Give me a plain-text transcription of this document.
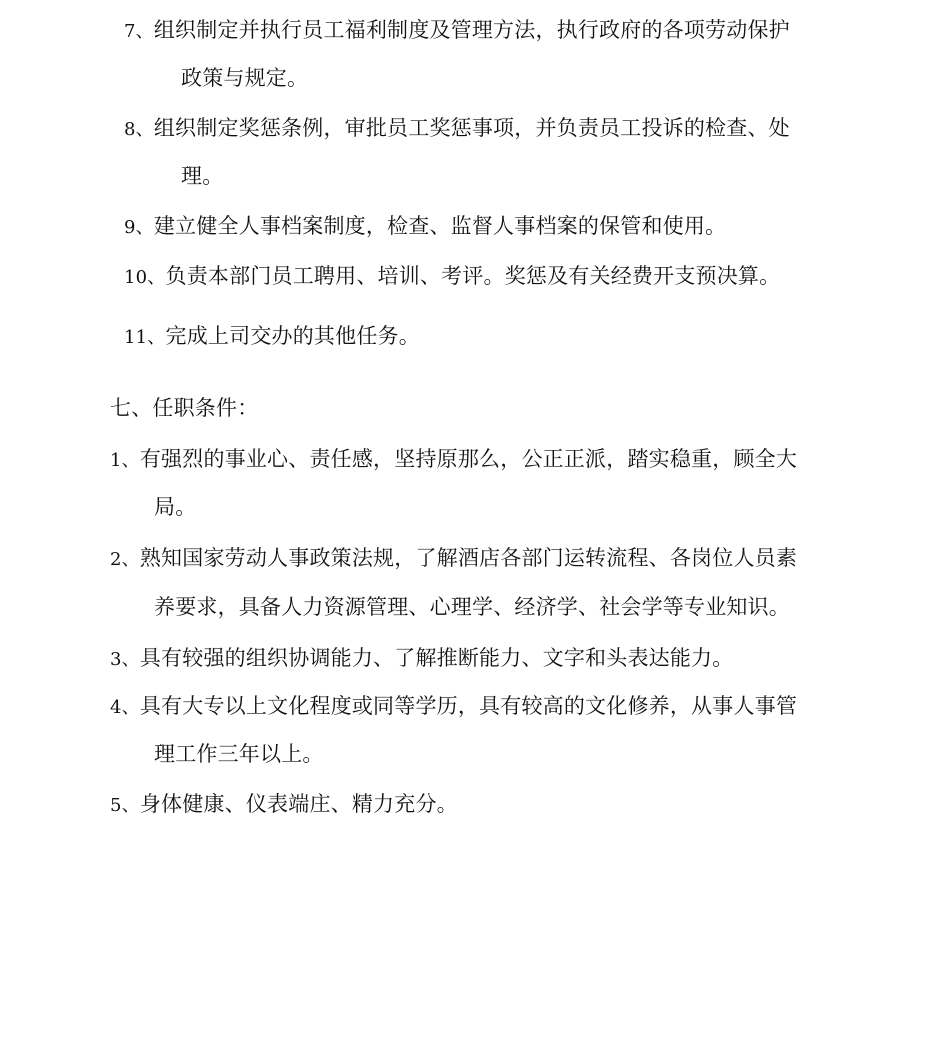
7、组织制定并执行员工福利制度及管理方法，执行政府的各项劳动保护
政策与规定。
8、组织制定奖惩条例，审批员工奖惩事项，并负责员工投诉的检查、处
理。
9、建立健全人事档案制度，检查、监督人事档案的保管和使用。
10、负责本部门员工聘用、培训、考评。奖惩及有关经费开支预决算。
11、完成上司交办的其他任务。
七、任职条件：
1、有强烈的事业心、责任感，坚持原那么，公正正派，踏实稳重，顾全大
局。
2、熟知国家劳动人事政策法规，了解酒店各部门运转流程、各岗位人员素
养要求，具备人力资源管理、心理学、经济学、社会学等专业知识。
3、具有较强的组织协调能力、了解推断能力、文字和头表达能力。
4、具有大专以上文化程度或同等学历，具有较高的文化修养，从事人事管
理工作三年以上。
5、身体健康、仪表端庄、精力充分。
